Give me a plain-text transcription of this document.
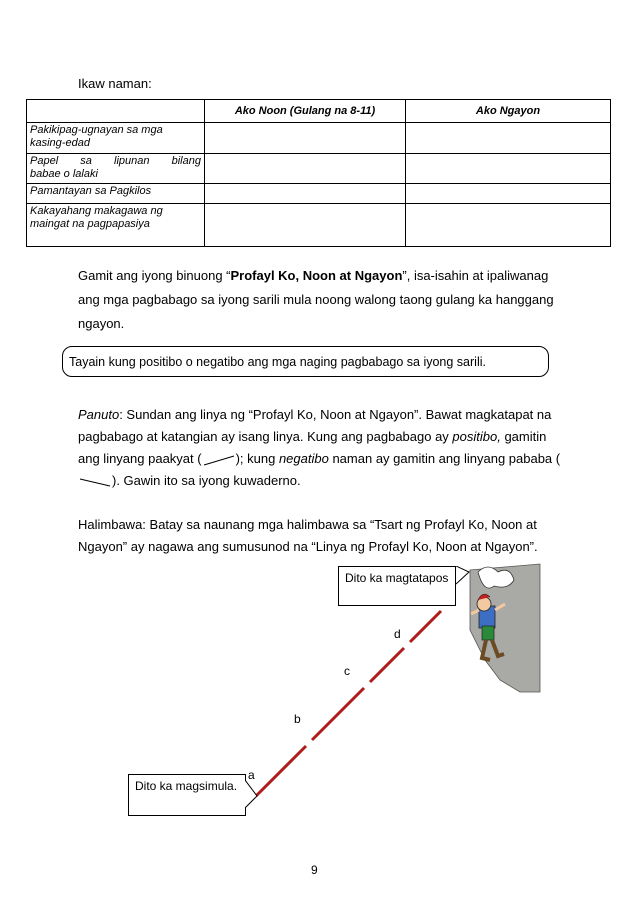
Ikaw naman:
	Ako Noon (Gulang na 8-11)	Ako Ngayon
Pakikipag-ugnayan sa mga kasing-edad		

Papel sa lipunan bilang
babae o lalaki		
Pamantayan sa Pagkilos		
Kakayahang makagawa ng maingat na pagpapasiya		
Gamit ang iyong binuong “Profayl Ko, Noon at Ngayon”, isa-isahin at ipaliwanag ang mga pagbabago sa iyong sarili mula noong walong taong gulang ka hanggang ngayon.
Tayain kung positibo o negatibo ang mga naging pagbabago sa iyong sarili.
Panuto: Sundan ang linya ng “Profayl Ko, Noon at Ngayon”. Bawat magkatapat na pagbabago at katangian ay isang linya. Kung ang pagbabago ay positibo, gamitin ang linyang paakyat (	); kung negatibo naman ay gamitin ang linyang pababa (). Gawin ito sa iyong kuwaderno.
Halimbawa: Batay sa naunang mga halimbawa sa “Tsart ng Profayl Ko, Noon at Ngayon” ay nagawa ang sumusunod na “Linya ng Profayl Ko, Noon at Ngayon”.
Dito ka magtatapos
Dito ka magsimula.
a
b
c
d
9
